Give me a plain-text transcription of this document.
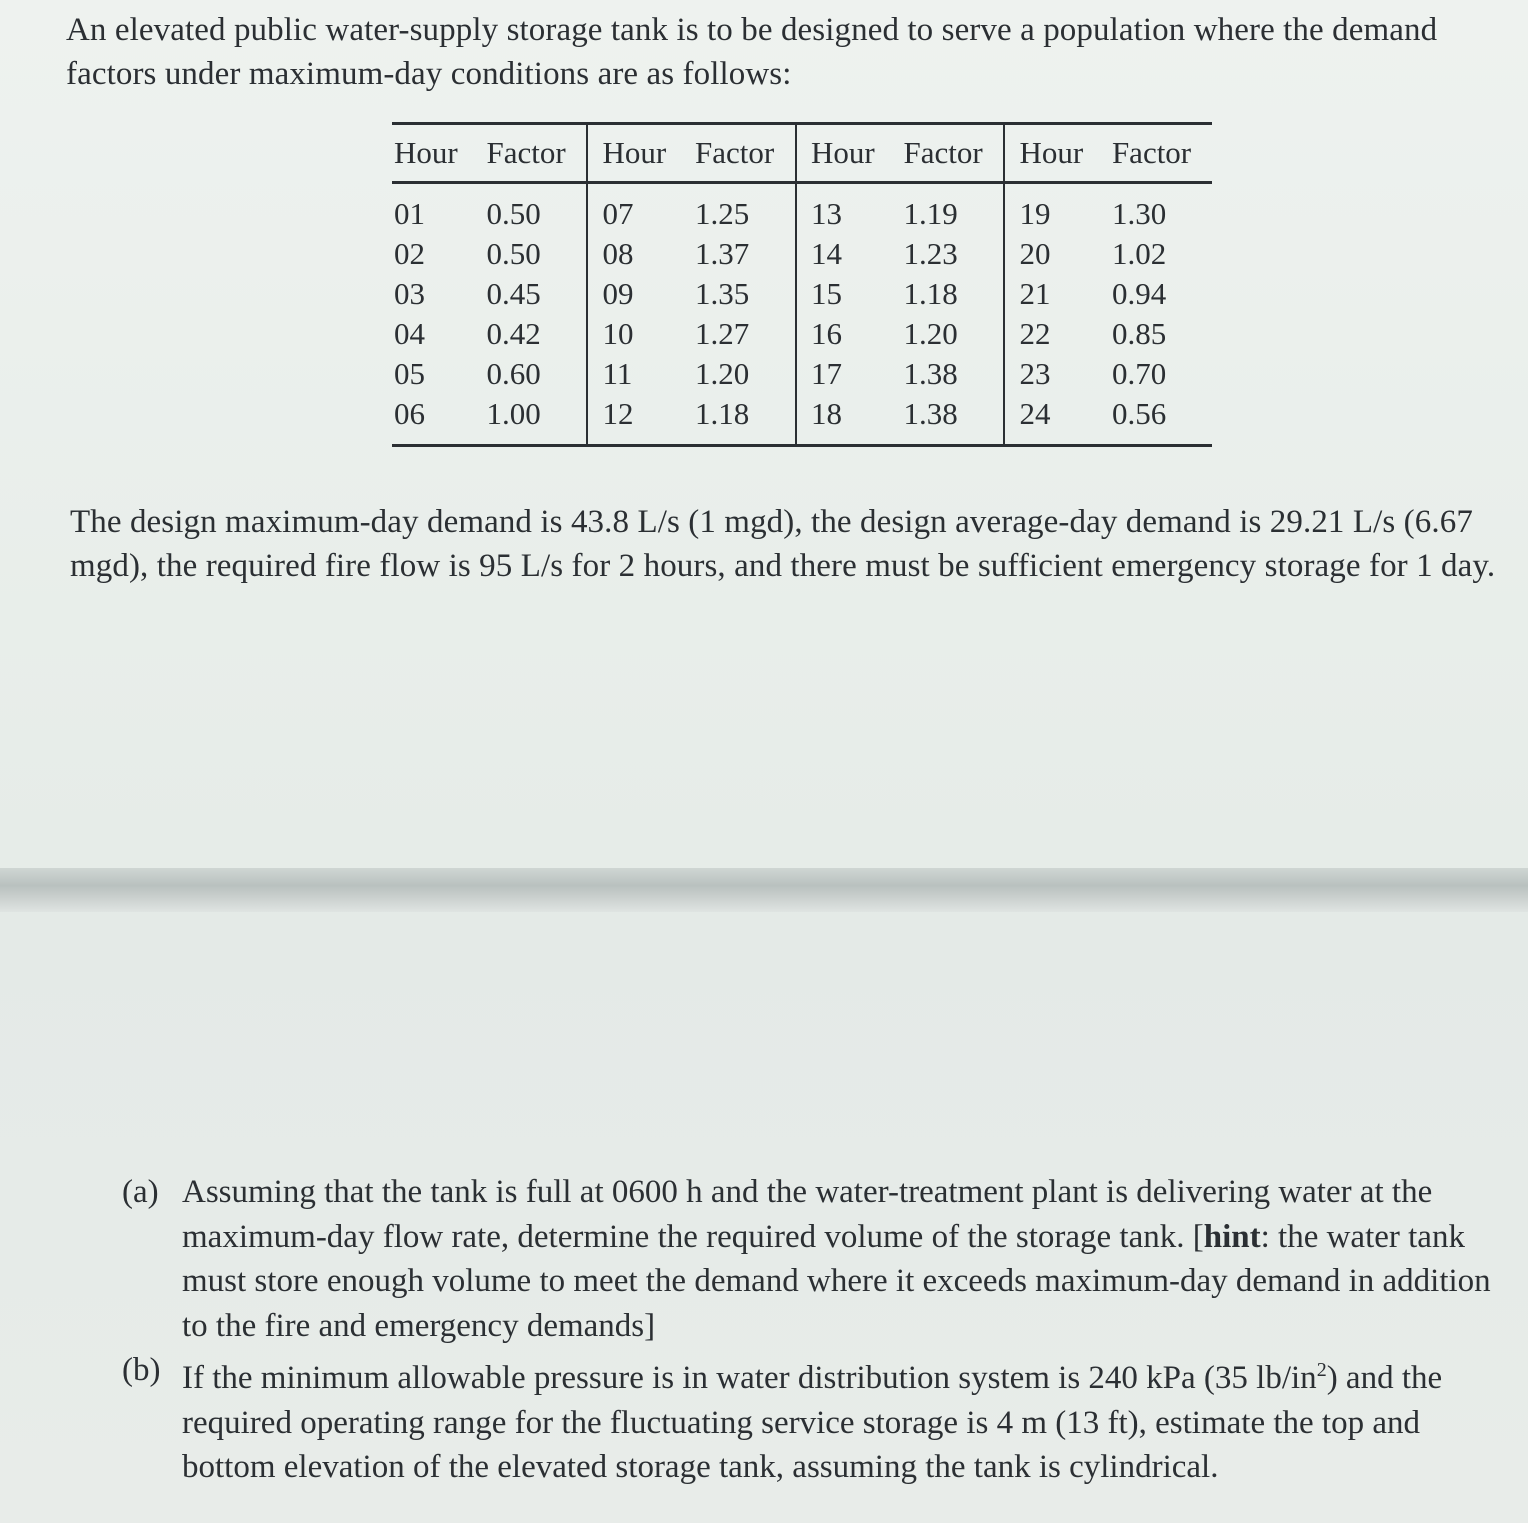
An elevated public water-supply storage tank is to be designed to serve a population where the demand factors under maximum-day conditions are as follows:
Hour	Factor	Hour	Factor	Hour	Factor	Hour	Factor
01	0.50	07	1.25	13	1.19	19	1.30
02	0.50	08	1.37	14	1.23	20	1.02
03	0.45	09	1.35	15	1.18	21	0.94
04	0.42	10	1.27	16	1.20	22	0.85
05	0.60	11	1.20	17	1.38	23	0.70
06	1.00	12	1.18	18	1.38	24	0.56
The design maximum-day demand is 43.8 L/s (1 mgd), the design average-day demand is 29.21 L/s (6.67 mgd), the required fire flow is 95 L/s for 2 hours, and there must be sufficient emergency storage for 1 day.
(a) Assuming that the tank is full at 0600 h and the water-treatment plant is delivering water at the maximum-day flow rate, determine the required volume of the storage tank. [hint: the water tank must store enough volume to meet the demand where it exceeds maximum-day demand in addition to the fire and emergency demands]
(b) If the minimum allowable pressure is in water distribution system is 240 kPa (35 $lb/in^2$) and the required operating range for the fluctuating service storage is 4 m (13 ft), estimate the top and bottom elevation of the elevated storage tank, assuming the tank is cylindrical.
